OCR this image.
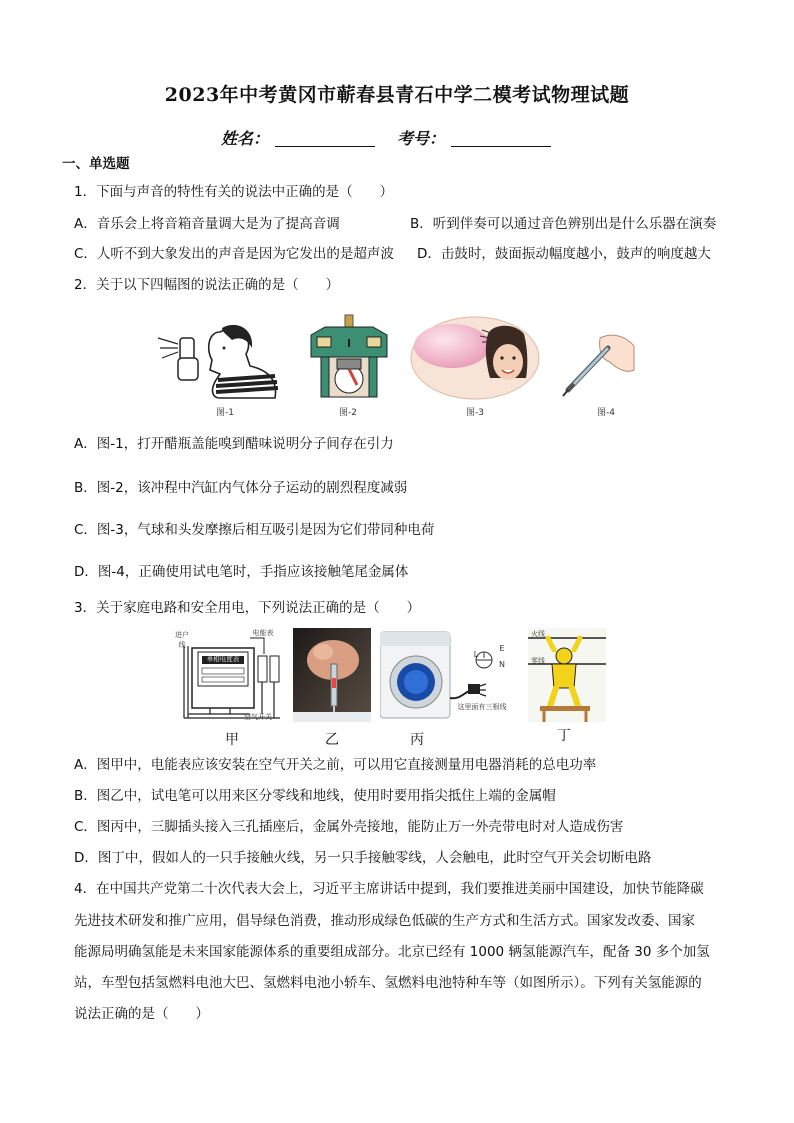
2023年中考黄冈市蕲春县青石中学二模考试物理试题
姓名：	考号：
一、单选题
1．下面与声音的特性有关的说法中正确的是（　　）
A．音乐会上将音箱音量调大是为了提高音调	B．听到伴奏可以通过音色辨别出是什么乐器在演奏
C．人听不到大象发出的声音是因为它发出的是超声波 D．击鼓时，鼓面振动幅度越小，鼓声的响度越大
2．关于以下四幅图的说法正确的是（　　）
图-1	图-2	图-3	图-4
A．图-1，打开醋瓶盖能嗅到醋味说明分子间存在引力
B．图-2，该冲程中汽缸内气体分子运动的剧烈程度减弱
C．图-3，气球和头发摩擦后相互吸引是因为它们带同种电荷
D．图-4，正确使用试电笔时，手指应该接触笔尾金属体
3．关于家庭电路和安全用电，下列说法正确的是（　　）
进户线
电能表
单相电度表
空气开关
甲	乙
L
E
N
这里面有三根线
丙
火线
零线
丁
A．图甲中，电能表应该安装在空气开关之前，可以用它直接测量用电器消耗的总电功率
B．图乙中，试电笔可以用来区分零线和地线，使用时要用指尖抵住上端的金属帽
C．图丙中，三脚插头接入三孔插座后，金属外壳接地，能防止万一外壳带电时对人造成伤害
D．图丁中，假如人的一只手接触火线，另一只手接触零线，人会触电，此时空气开关会切断电路
4．在中国共产党第二十次代表大会上，习近平主席讲话中提到，我们要推进美丽中国建设，加快节能降碳
先进技术研发和推广应用，倡导绿色消费，推动形成绿色低碳的生产方式和生活方式。国家发改委、国家
能源局明确氢能是未来国家能源体系的重要组成部分。北京已经有 1000 辆氢能源汽车，配备 30 多个加氢
站，车型包括氢燃料电池大巴、氢燃料电池小轿车、氢燃料电池特种车等（如图所示）。下列有关氢能源的
说法正确的是（　　）
